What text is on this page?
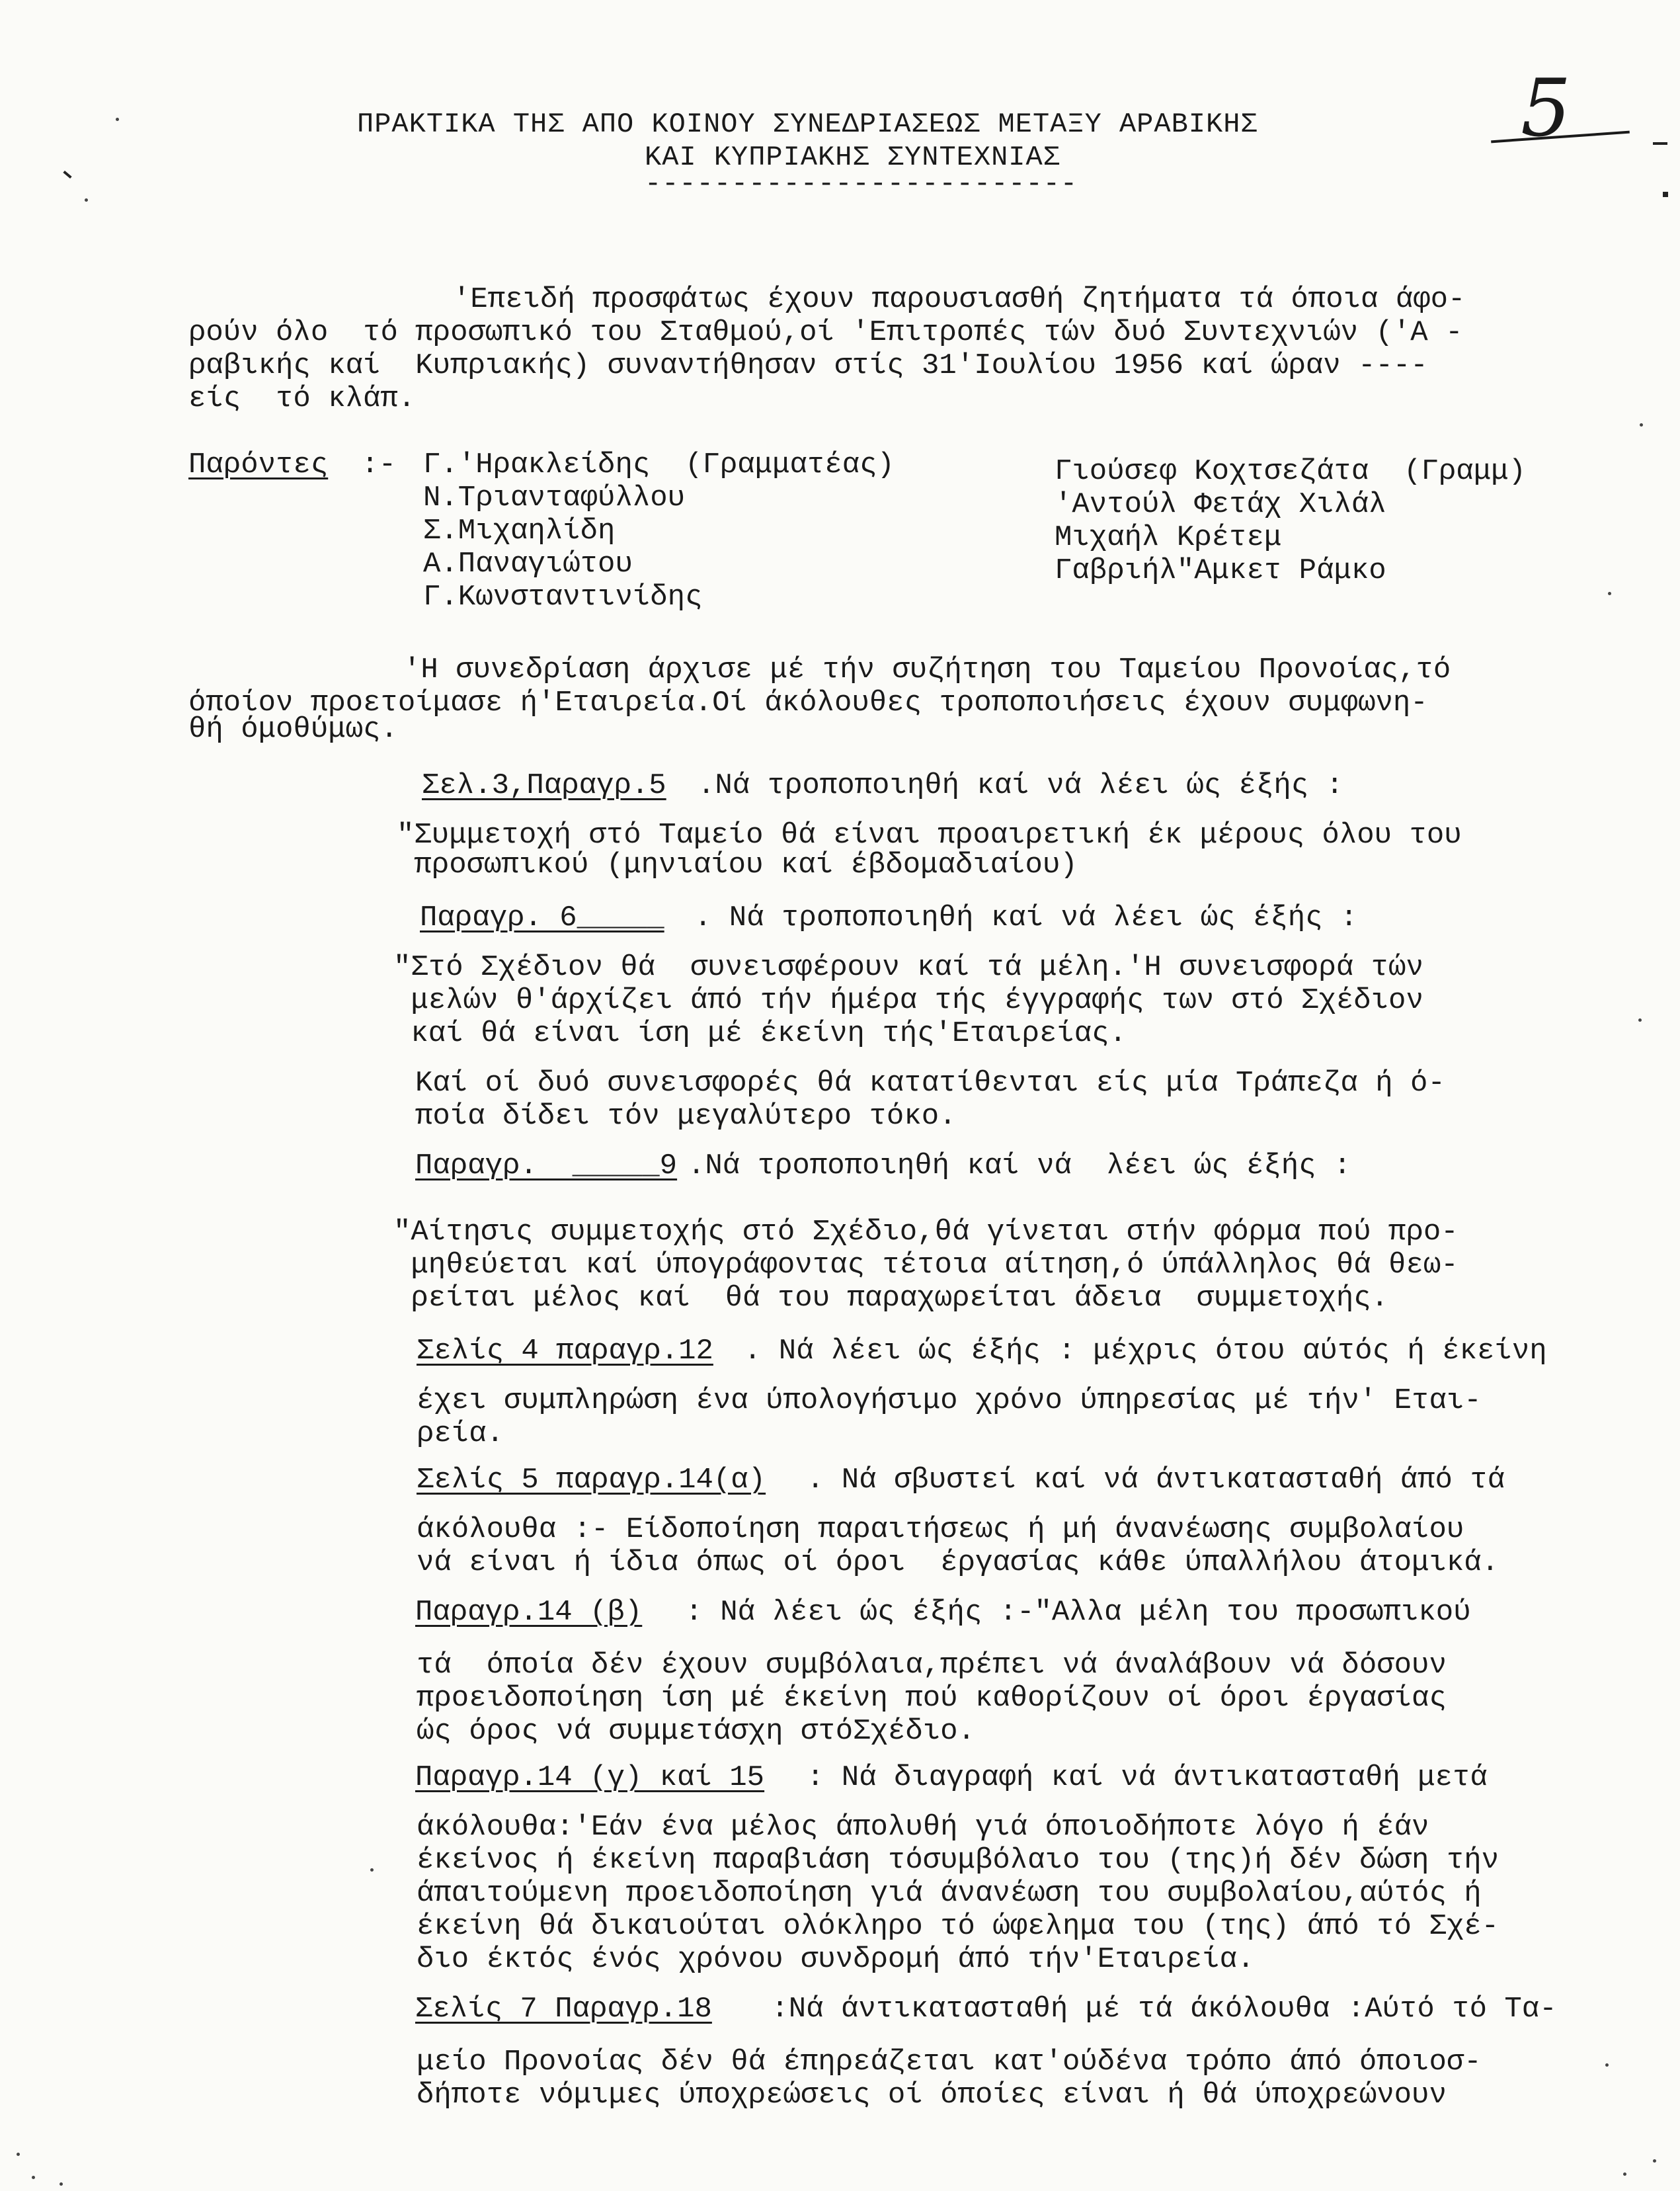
5
ΠΡΑΚΤΙΚΑ ΤΗΣ ΑΠΟ ΚΟΙΝΟΥ ΣΥΝΕΔΡΙΑΣΕΩΣ ΜΕΤΑΞΥ ΑΡΑΒΙΚΗΣ
ΚΑΙ ΚΥΠΡΙΑΚΗΣ ΣΥΝΤΕΧΝΙΑΣ
-------------------------
'Επειδή προσφάτως έχουν παρουσιασθή ζητήματα τά όποια άφο-
ρούν όλο  τό προσωπικό του Σταθμού,οί 'Επιτροπές τών δυό Συντεχνιών ('Α -
ραβικής καί  Κυπριακής) συναντήθησαν στίς 31'Ιουλίου 1956 καί ώραν ----
είς  τό κλάπ.
Παρόντες :- Γ.'Ηρακλείδης  (Γραμματέας)
Ν.Τριανταφύλλου
Σ.Μιχαηλίδη
Α.Παναγιώτου
Γ.Κωνσταντινίδης
Γιούσεφ Κοχτσεζάτα  (Γραμμ)
'Αντούλ Φετάχ Χιλάλ
Μιχαήλ Κρέτεμ
Γαβριήλ"Αμκετ Ράμκο
'Η συνεδρίαση άρχισε μέ τήν συζήτηση του Ταμείου Προνοίας,τό
όποίον προετοίμασε ή'Εταιρεία.Οί άκόλουθες τροποποιήσεις έχουν συμφωνη-
θή όμοθύμως.
Σελ.3,Παραγρ.5 .Νά τροποποιηθή καί νά λέει ώς έξής :
"Συμμετοχή στό Ταμείο θά είναι προαιρετική έκ μέρους όλου του
προσωπικού (μηνιαίου καί έβδομαδιαίου)
Παραγρ. 6_____ . Νά τροποποιηθή καί νά λέει ώς έξής :
"Στό Σχέδιον θά  συνεισφέρουν καί τά μέλη.'Η συνεισφορά τών
μελών θ'άρχίζει άπό τήν ήμέρα τής έγγραφής των στό Σχέδιον
καί θά είναι ίση μέ έκείνη τής'Εταιρείας.
Καί οί δυό συνεισφορές θά κατατίθενται είς μία Τράπεζα ή ό-
ποία δίδει τόν μεγαλύτερο τόκο.
Παραγρ.  _____9 .Νά τροποποιηθή καί νά  λέει ώς έξής :
"Αίτησις συμμετοχής στό Σχέδιο,θά γίνεται στήν φόρμα πού προ-
μηθεύεται καί ύπογράφοντας τέτοια αίτηση,ό ύπάλληλος θά θεω-
ρείται μέλος καί  θά του παραχωρείται άδεια  συμμετοχής.
Σελίς 4 παραγρ.12 . Νά λέει ώς έξής : μέχρις ότου αύτός ή έκείνη
έχει συμπληρώση ένα ύπολογήσιμο χρόνο ύπηρεσίας μέ τήν' Εται-
ρεία.
Σελίς 5 παραγρ.14(α) . Νά σβυστεί καί νά άντικατασταθή άπό τά
άκόλουθα :- Είδοποίηση παραιτήσεως ή μή άνανέωσης συμβολαίου
νά είναι ή ίδια όπως οί όροι  έργασίας κάθε ύπαλλήλου άτομικά.
Παραγρ.14 (β) : Νά λέει ώς έξής :-"Αλλα μέλη του προσωπικού
τά  όποία δέν έχουν συμβόλαια,πρέπει νά άναλάβουν νά δόσουν
προειδοποίηση ίση μέ έκείνη πού καθορίζουν οί όροι έργασίας
ώς όρος νά συμμετάσχη στόΣχέδιο.
Παραγρ.14 (γ) καί 15 : Νά διαγραφή καί νά άντικατασταθή μετά
άκόλουθα:'Εάν ένα μέλος άπολυθή γιά όποιοδήποτε λόγο ή έάν
έκείνος ή έκείνη παραβιάση τόσυμβόλαιο του (της)ή δέν δώση τήν
άπαιτούμενη προειδοποίηση γιά άνανέωση του συμβολαίου,αύτός ή
έκείνη θά δικαιούται ολόκληρο τό ώφελημα του (της) άπό τό Σχέ-
διο έκτός ένός χρόνου συνδρομή άπό τήν'Εταιρεία.
Σελίς 7 Παραγρ.18 :Νά άντικατασταθή μέ τά άκόλουθα :Αύτό τό Τα-
μείο Προνοίας δέν θά έπηρεάζεται κατ'ούδένα τρόπο άπό όποιοσ-
δήποτε νόμιμες ύποχρεώσεις οί όποίες είναι ή θά ύποχρεώνουν
